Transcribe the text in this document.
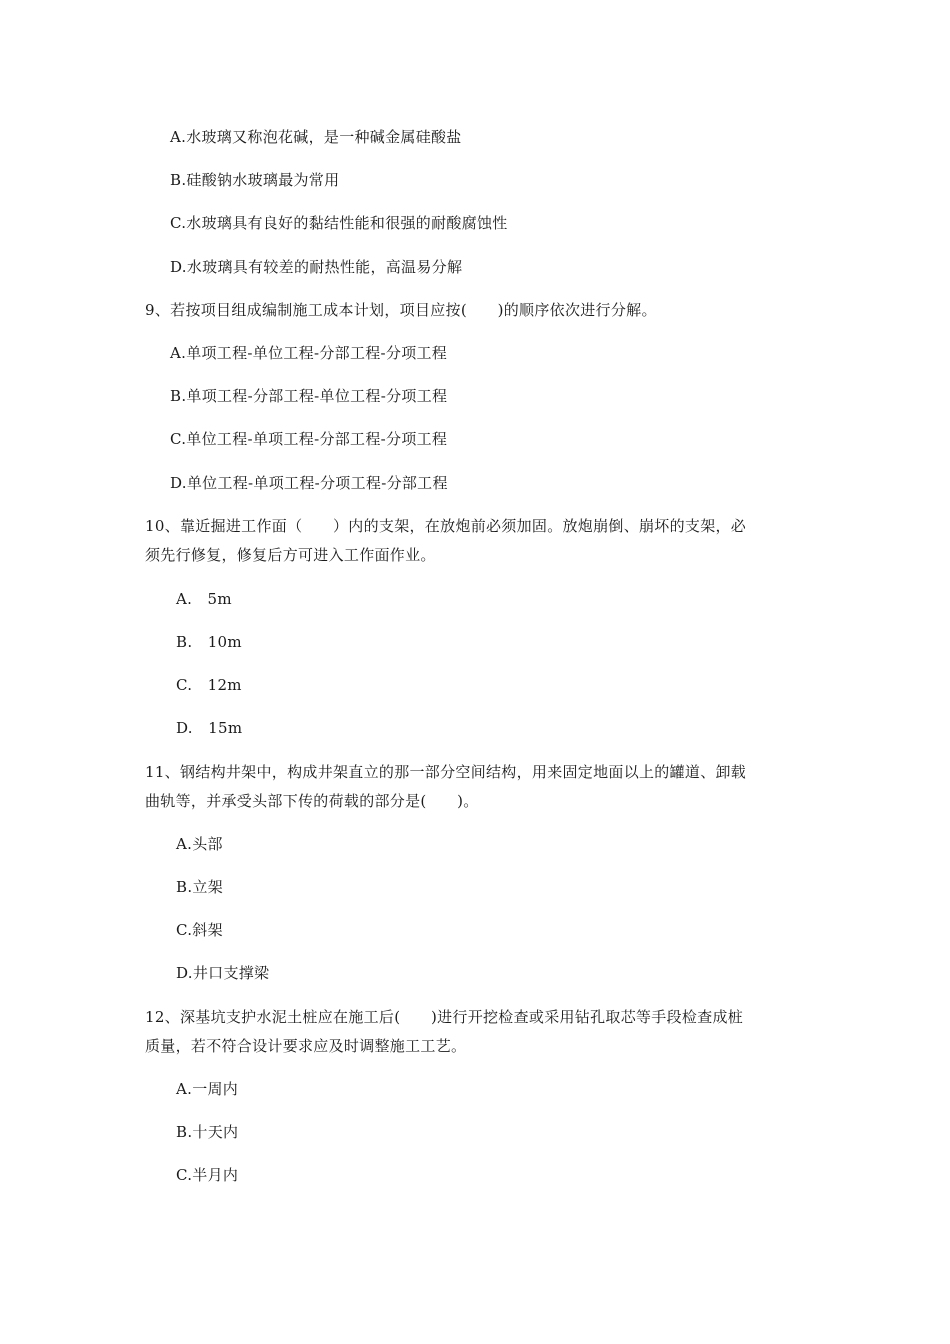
A.水玻璃又称泡花碱，是一种碱金属硅酸盐
B.硅酸钠水玻璃最为常用
C.水玻璃具有良好的黏结性能和很强的耐酸腐蚀性
D.水玻璃具有较差的耐热性能，高温易分解
9、若按项目组成编制施工成本计划，项目应按(　　)的顺序依次进行分解。
A.单项工程-单位工程-分部工程-分项工程
B.单项工程-分部工程-单位工程-分项工程
C.单位工程-单项工程-分部工程-分项工程
D.单位工程-单项工程-分项工程-分部工程
10、靠近掘进工作面（　　）内的支架，在放炮前必须加固。放炮崩倒、崩坏的支架，必
须先行修复，修复后方可进入工作面作业。
A.　5m
B.　10m
C.　12m
D.　15m
11、钢结构井架中，构成井架直立的那一部分空间结构，用来固定地面以上的罐道、卸载
曲轨等，并承受头部下传的荷载的部分是(　　)。
A.头部
B.立架
C.斜架
D.井口支撑梁
12、深基坑支护水泥土桩应在施工后(　　)进行开挖检查或采用钻孔取芯等手段检查成桩
质量，若不符合设计要求应及时调整施工工艺。
A.一周内
B.十天内
C.半月内
